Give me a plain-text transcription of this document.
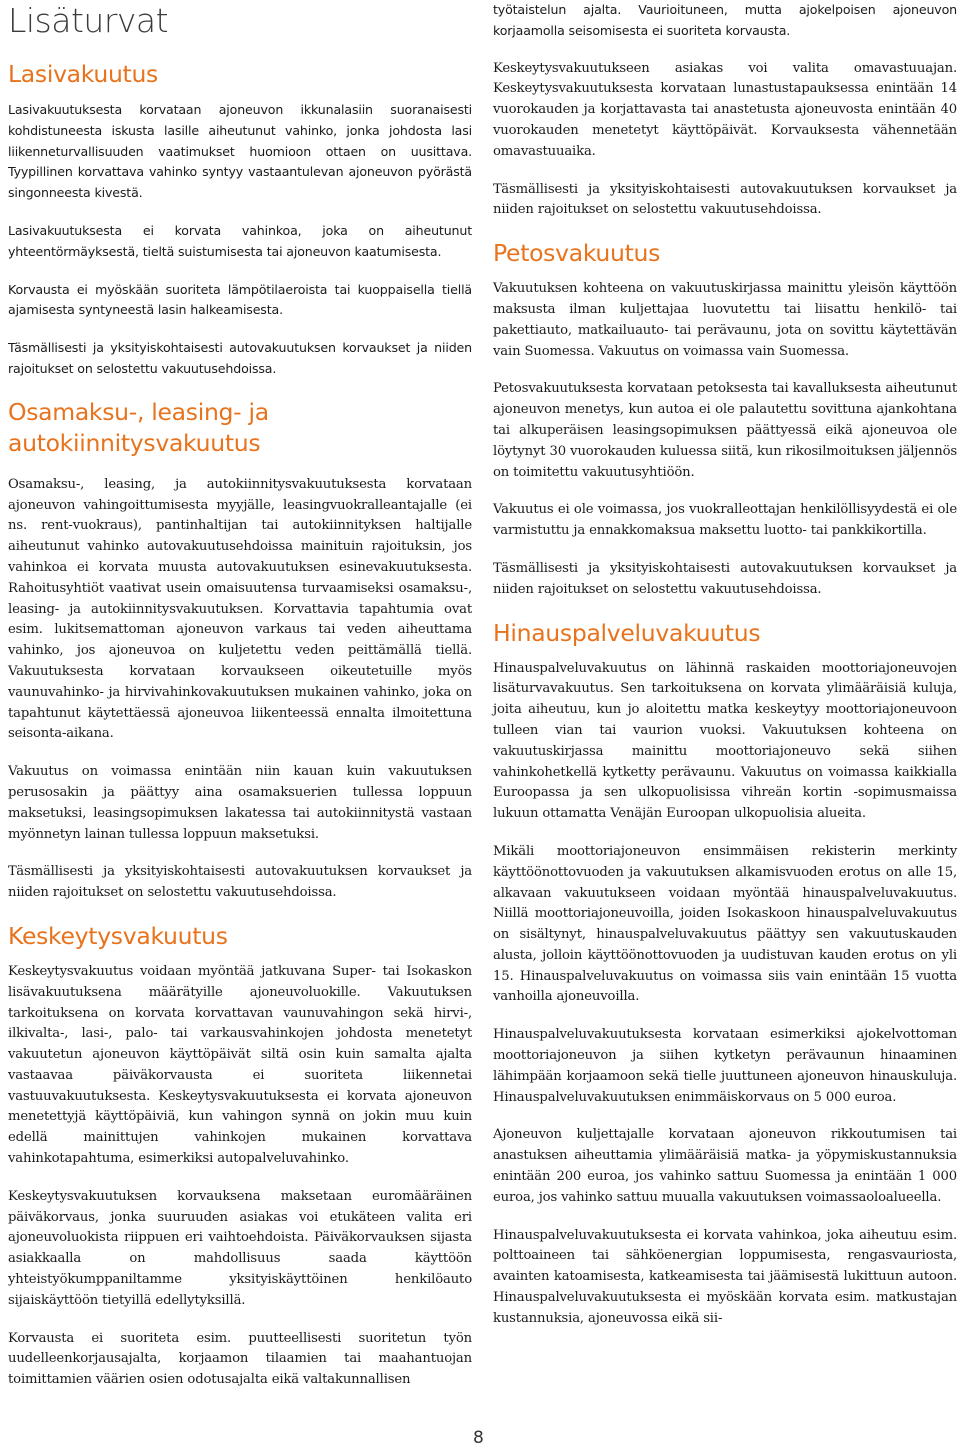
Lisäturvat
Lasivakuutus

Lasivakuutuksesta korvataan ajoneuvon ikkunalasiin suoranaisesti kohdistuneesta iskusta lasille aiheutunut vahinko, jonka johdosta lasi liikenneturvallisuuden vaatimukset huomioon ottaen on uusittava. Tyypillinen korvattava vahinko syntyy vastaantulevan ajoneuvon pyörästä singonneesta kivestä.

Lasivakuutuksesta ei korvata vahinkoa, joka on aiheutunut yhteentörmäyksestä, tieltä suistumisesta tai ajoneuvon kaatumisesta.

Korvausta ei myöskään suoriteta lämpötilaeroista tai kuoppaisella tiellä ajamisesta syntyneestä lasin halkeamisesta.

Täsmällisesti ja yksityiskohtaisesti autovakuutuksen korvaukset ja niiden rajoitukset on selostettu vakuutusehdoissa.

Osamaksu-, leasing- ja autokiinnitysvakuutus

Osamaksu-, leasing, ja autokiinnitysvakuutuksesta korvataan ajoneuvon vahingoittumisesta myyjälle, leasingvuokralleantajalle (ei ns. rent-vuokraus), pantinhaltijan tai autokiinnityksen haltijalle aiheutunut vahinko autovakuutusehdoissa mainituin rajoituksin, jos vahinkoa ei korvata muusta autovakuutuksen esinevakuutuksesta. Rahoitusyhtiöt vaativat usein omaisuutensa turvaamiseksi osamaksu-, leasing- ja autokiinnitysvakuutuksen. Korvattavia tapahtumia ovat esim. lukitsemattoman ajoneuvon varkaus tai veden aiheuttama vahinko, jos ajoneuvoa on kuljetettu veden peittämällä tiellä. Vakuutuksesta korvataan korvaukseen oikeutetuille myös vaunuvahinko- ja hirvivahinkovakuutuksen mukainen vahinko, joka on tapahtunut käytettäessä ajoneuvoa liikenteessä ennalta ilmoitettuna seisonta-aikana.

Vakuutus on voimassa enintään niin kauan kuin vakuutuksen perusosakin ja päättyy aina osamaksuerien tullessa loppuun maksetuksi, leasingsopimuksen lakatessa tai autokiinnitystä vastaan myönnetyn lainan tullessa loppuun maksetuksi.

Täsmällisesti ja yksityiskohtaisesti autovakuutuksen korvaukset ja niiden rajoitukset on selostettu vakuutusehdoissa.

Keskeytysvakuutus

Keskeytysvakuutus voidaan myöntää jatkuvana Super- tai Isokaskon lisävakuutuksena määrätyille ajoneuvoluokille. Vakuutuksen tarkoituksena on korvata korvattavan vaunuvahingon sekä hirvi-, ilkivalta-, lasi-, palo- tai varkausvahinkojen johdosta menetetyt vakuutetun ajoneuvon käyttöpäivät siltä osin kuin samalta ajalta vastaavaa päiväkorvausta ei suoriteta liikennetai vastuuvakuutuksesta. Keskeytysvakuutuksesta ei korvata ajoneuvon menetettyjä käyttöpäiviä, kun vahingon synnä on jokin muu kuin edellä mainittujen vahinkojen mukainen korvattava vahinkotapahtuma, esimerkiksi autopalveluvahinko.

Keskeytysvakuutuksen korvauksena maksetaan euromääräinen päiväkorvaus, jonka suuruuden asiakas voi etukäteen valita eri ajoneuvoluokista riippuen eri vaihtoehdoista. Päiväkorvauksen sijasta asiakkaalla on mahdollisuus saada käyttöön yhteistyökumppaniltamme yksityiskäyttöinen henkilöauto sijaiskäyttöön tietyillä edellytyksillä.

Korvausta ei suoriteta esim. puutteellisesti suoritetun työn uudelleenkorjausajalta, korjaamon tilaamien tai maahantuojan toimittamien väärien osien odotusajalta eikä valtakunnallisen

työtaistelun ajalta. Vaurioituneen, mutta ajokelpoisen ajoneuvon korjaamolla seisomisesta ei suoriteta korvausta.

Keskeytysvakuutukseen asiakas voi valita omavastuuajan. Keskeytysvakuutuksesta korvataan lunastustapauksessa enintään 14 vuorokauden ja korjattavasta tai anastetusta ajoneuvosta enintään 40 vuorokauden menetetyt käyttöpäivät. Korvauksesta vähennetään omavastuuaika.

Täsmällisesti ja yksityiskohtaisesti autovakuutuksen korvaukset ja niiden rajoitukset on selostettu vakuutusehdoissa.

Petosvakuutus

Vakuutuksen kohteena on vakuutuskirjassa mainittu yleisön käyttöön maksusta ilman kuljettajaa luovutettu tai liisattu henkilö- tai pakettiauto, matkailuauto- tai perävaunu, jota on sovittu käytettävän vain Suomessa. Vakuutus on voimassa vain Suomessa.

Petosvakuutuksesta korvataan petoksesta tai kavalluksesta aiheutunut ajoneuvon menetys, kun autoa ei ole palautettu sovittuna ajankohtana tai alkuperäisen leasingsopimuksen päättyessä eikä ajoneuvoa ole löytynyt 30 vuorokauden kuluessa siitä, kun rikosilmoituksen jäljennös on toimitettu vakuutusyhtiöön.

Vakuutus ei ole voimassa, jos vuokralleottajan henkilöllisyydestä ei ole varmistuttu ja ennakkomaksua maksettu luotto- tai pankkikortilla.

Täsmällisesti ja yksityiskohtaisesti autovakuutuksen korvaukset ja niiden rajoitukset on selostettu vakuutusehdoissa.

Hinauspalveluvakuutus

Hinauspalveluvakuutus on lähinnä raskaiden moottoriajoneuvojen lisäturvavakuutus. Sen tarkoituksena on korvata ylimääräisiä kuluja, joita aiheutuu, kun jo aloitettu matka keskeytyy moottoriajoneuvoon tulleen vian tai vaurion vuoksi. Vakuutuksen kohteena on vakuutuskirjassa mainittu moottoriajoneuvo sekä siihen vahinkohetkellä kytketty perävaunu. Vakuutus on voimassa kaikkialla Euroopassa ja sen ulkopuolisissa vihreän kortin -sopimusmaissa lukuun ottamatta Venäjän Euroopan ulkopuolisia alueita.

Mikäli moottoriajoneuvon ensimmäisen rekisterin merkinty käyttöönottovuoden ja vakuutuksen alkamisvuoden erotus on alle 15, alkavaan vakuutukseen voidaan myöntää hinauspalveluvakuutus. Niillä moottoriajoneuvoilla, joiden Isokaskoon hinauspalveluvakuutus on sisältynyt, hinauspalveluvakuutus päättyy sen vakuutuskauden alusta, jolloin käyttöönottovuoden ja uudistuvan kauden erotus on yli 15. Hinauspalveluvakuutus on voimassa siis vain enintään 15 vuotta vanhoilla ajoneuvoilla.

Hinauspalveluvakuutuksesta korvataan esimerkiksi ajokelvottoman moottoriajoneuvon ja siihen kytketyn perävaunun hinaaminen lähimpään korjaamoon sekä tielle juuttuneen ajoneuvon hinauskuluja. Hinauspalveluvakuutuksen enimmäiskorvaus on 5 000 euroa.

Ajoneuvon kuljettajalle korvataan ajoneuvon rikkoutumisen tai anastuksen aiheuttamia ylimääräisiä matka- ja yöpymiskustannuksia enintään 200 euroa, jos vahinko sattuu Suomessa ja enintään 1 000 euroa, jos vahinko sattuu muualla vakuutuksen voimassaoloalueella.

Hinauspalveluvakuutuksesta ei korvata vahinkoa, joka aiheutuu esim. polttoaineen tai sähköenergian loppumisesta, rengasvauriosta, avainten katoamisesta, katkeamisesta tai jäämisestä lukittuun autoon. Hinauspalveluvakuutuksesta ei myöskään korvata esim. matkustajan kustannuksia, ajoneuvossa eikä sii-

8
